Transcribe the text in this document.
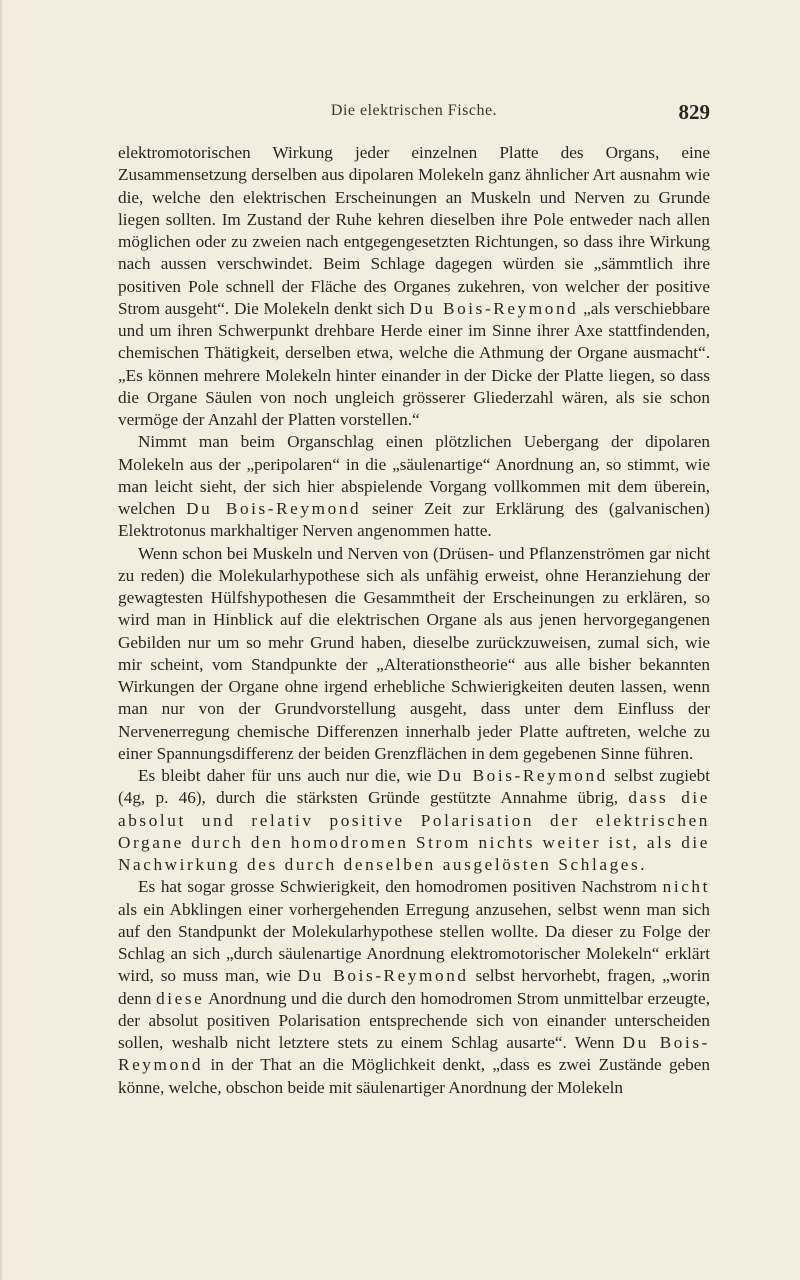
Die elektrischen Fische.	829

elektromotorischen Wirkung jeder einzelnen Platte des Organs, eine Zusammensetzung derselben aus dipolaren Molekeln ganz ähnlicher Art ausnahm wie die, welche den elektrischen Erscheinungen an Muskeln und Nerven zu Grunde liegen sollten. Im Zustand der Ruhe kehren dieselben ihre Pole entweder nach allen möglichen oder zu zweien nach entgegengesetzten Richtungen, so dass ihre Wirkung nach aussen verschwindet. Beim Schlage dagegen würden sie „sämmtlich ihre positiven Pole schnell der Fläche des Organes zukehren, von welcher der positive Strom ausgeht“. Die Molekeln denkt sich Du Bois-Reymond „als verschiebbare und um ihren Schwerpunkt drehbare Herde einer im Sinne ihrer Axe stattfindenden, chemischen Thätigkeit, derselben etwa, welche die Athmung der Organe ausmacht“. „Es können mehrere Molekeln hinter einander in der Dicke der Platte liegen, so dass die Organe Säulen von noch ungleich grösserer Gliederzahl wären, als sie schon vermöge der Anzahl der Platten vorstellen.“

Nimmt man beim Organschlag einen plötzlichen Uebergang der dipolaren Molekeln aus der „peripolaren“ in die „säulenartige“ Anordnung an, so stimmt, wie man leicht sieht, der sich hier abspielende Vorgang vollkommen mit dem überein, welchen Du Bois-Reymond seiner Zeit zur Erklärung des (galvanischen) Elektrotonus markhaltiger Nerven angenommen hatte.

Wenn schon bei Muskeln und Nerven von (Drüsen- und Pflanzenströmen gar nicht zu reden) die Molekularhypothese sich als unfähig erweist, ohne Heranziehung der gewagtesten Hülfshypothesen die Gesammtheit der Erscheinungen zu erklären, so wird man in Hinblick auf die elektrischen Organe als aus jenen hervorgegangenen Gebilden nur um so mehr Grund haben, dieselbe zurückzuweisen, zumal sich, wie mir scheint, vom Standpunkte der „Alterationstheorie“ aus alle bisher bekannten Wirkungen der Organe ohne irgend erhebliche Schwierigkeiten deuten lassen, wenn man nur von der Grundvorstellung ausgeht, dass unter dem Einfluss der Nervenerregung chemische Differenzen innerhalb jeder Platte auftreten, welche zu einer Spannungsdifferenz der beiden Grenzflächen in dem gegebenen Sinne führen.

Es bleibt daher für uns auch nur die, wie Du Bois-Reymond selbst zugiebt (4g, p. 46), durch die stärksten Gründe gestützte Annahme übrig, dass die absolut und relativ positive Polarisation der elektrischen Organe durch den homodromen Strom nichts weiter ist, als die Nachwirkung des durch denselben ausgelösten Schlages.

Es hat sogar grosse Schwierigkeit, den homodromen positiven Nachstrom nicht als ein Abklingen einer vorhergehenden Erregung anzusehen, selbst wenn man sich auf den Standpunkt der Molekularhypothese stellen wollte. Da dieser zu Folge der Schlag an sich „durch säulenartige Anordnung elektromotorischer Molekeln“ erklärt wird, so muss man, wie Du Bois-Reymond selbst hervorhebt, fragen, „worin denn diese Anordnung und die durch den homodromen Strom unmittelbar erzeugte, der absolut positiven Polarisation entsprechende sich von einander unterscheiden sollen, weshalb nicht letztere stets zu einem Schlag ausarte“. Wenn Du Bois-Reymond in der That an die Möglichkeit denkt, „dass es zwei Zustände geben könne, welche, obschon beide mit säulenartiger Anordnung der Molekeln
